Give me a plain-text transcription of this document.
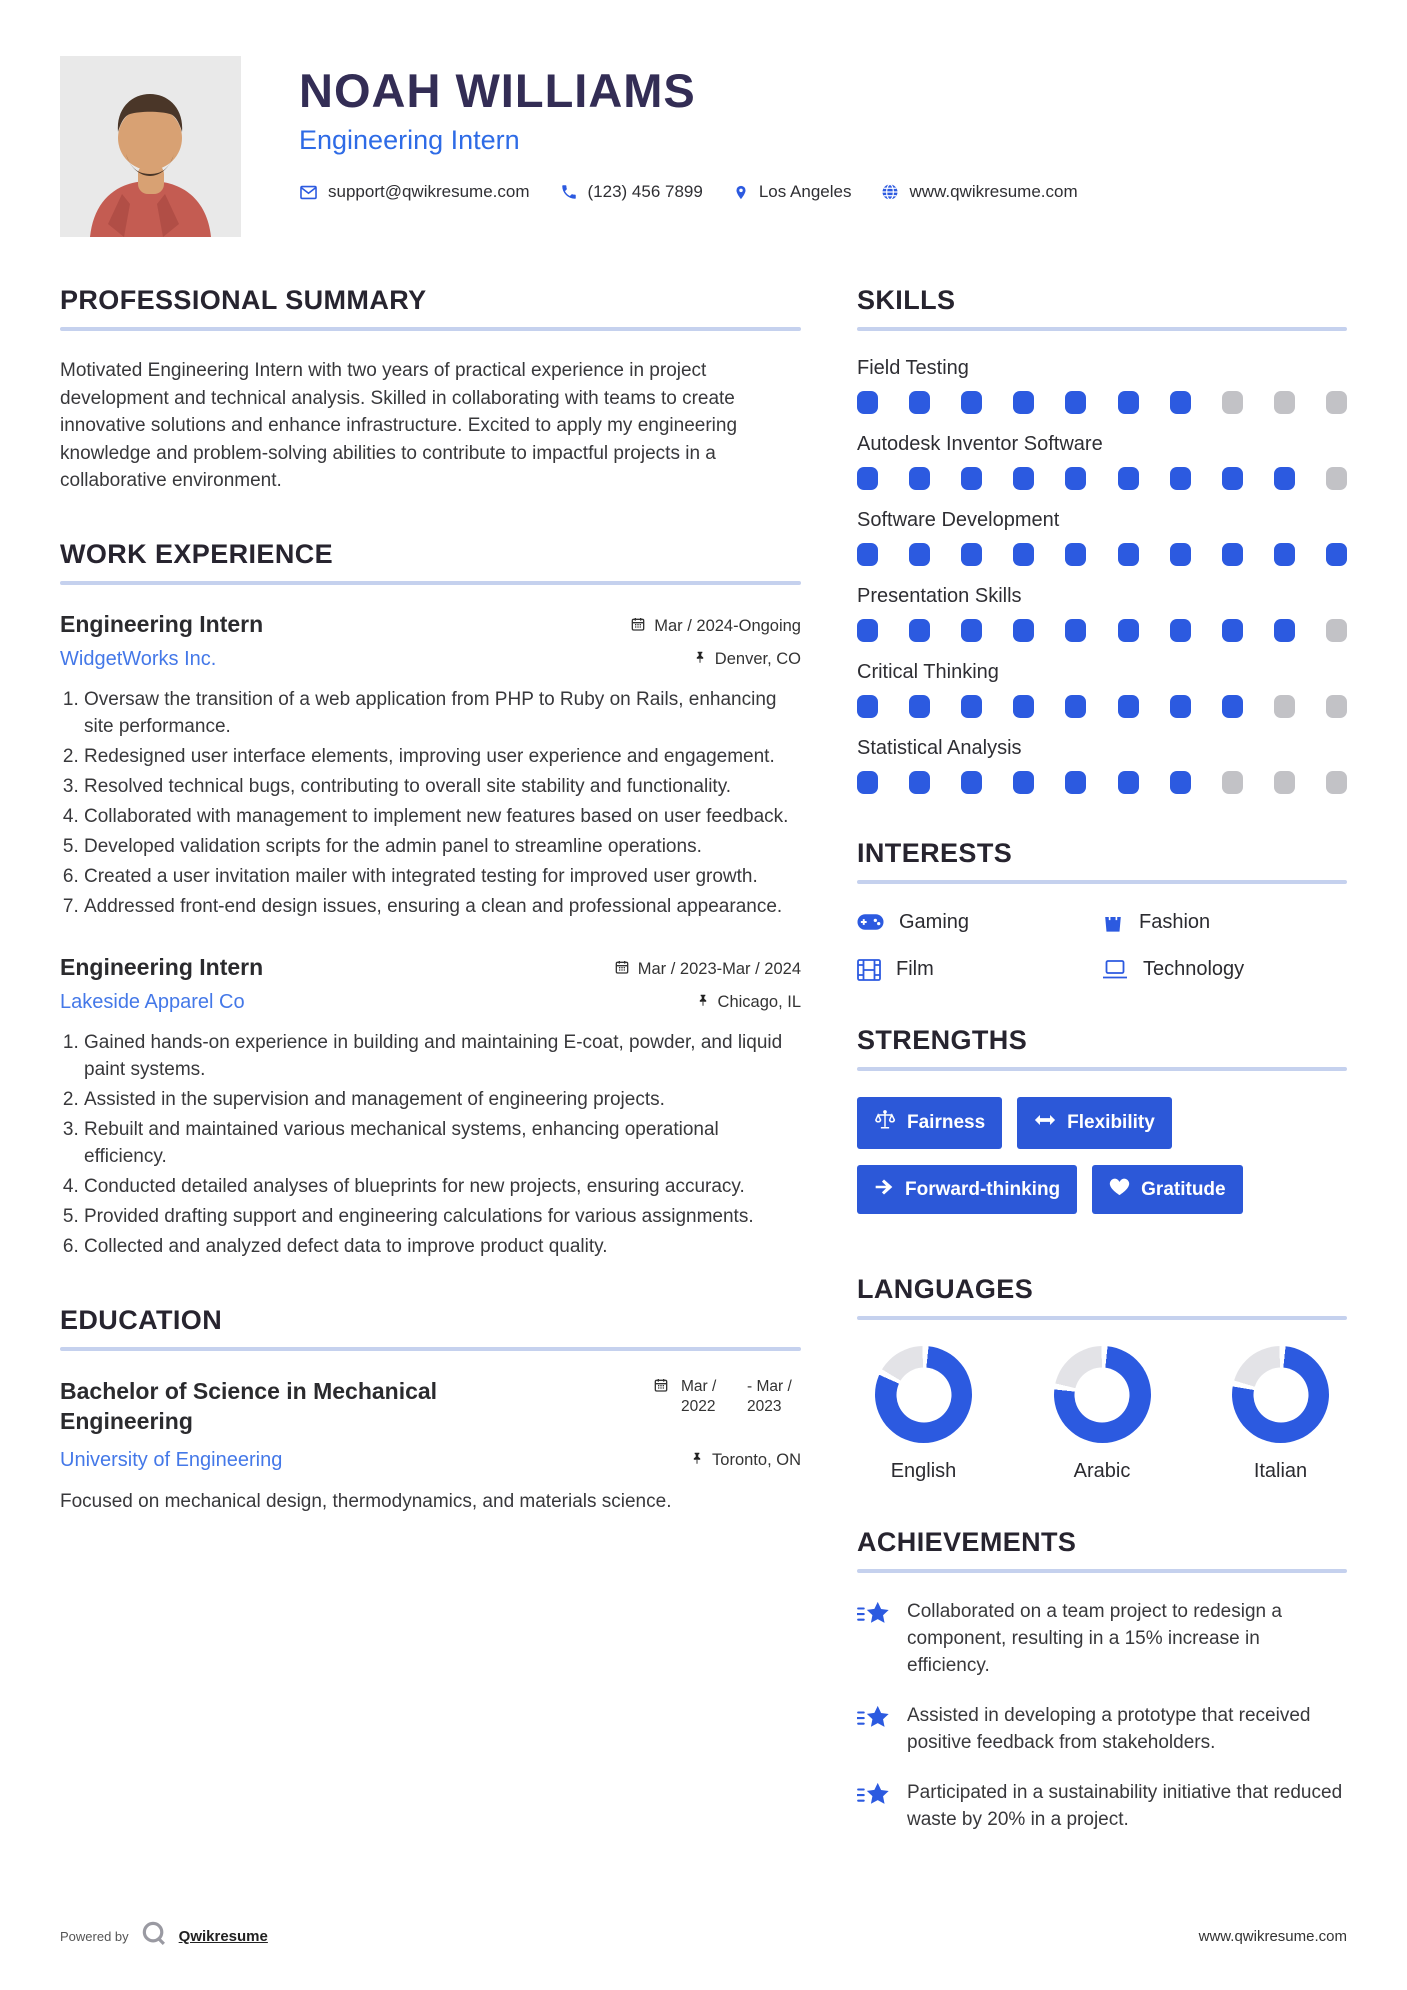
NOAH WILLIAMS
Engineering Intern
support@qwikresume.com	(123) 456 7899	Los Angeles	www.qwikresume.com
PROFESSIONAL SUMMARY
Motivated Engineering Intern with two years of practical experience in project development and technical analysis. Skilled in collaborating with teams to create innovative solutions and enhance infrastructure. Excited to apply my engineering knowledge and problem-solving abilities to contribute to impactful projects in a collaborative environment.
WORK EXPERIENCE
Engineering Intern	Mar / 2024-Ongoing
WidgetWorks Inc.	Denver, CO
1. Oversaw the transition of a web application from PHP to Ruby on Rails, enhancing site performance.
2. Redesigned user interface elements, improving user experience and engagement.
3. Resolved technical bugs, contributing to overall site stability and functionality.
4. Collaborated with management to implement new features based on user feedback.
5. Developed validation scripts for the admin panel to streamline operations.
6. Created a user invitation mailer with integrated testing for improved user growth.
7. Addressed front-end design issues, ensuring a clean and professional appearance.
Engineering Intern	Mar / 2023-Mar / 2024
Lakeside Apparel Co	Chicago, IL
1. Gained hands-on experience in building and maintaining E-coat, powder, and liquid paint systems.
2. Assisted in the supervision and management of engineering projects.
3. Rebuilt and maintained various mechanical systems, enhancing operational efficiency.
4. Conducted detailed analyses of blueprints for new projects, ensuring accuracy.
5. Provided drafting support and engineering calculations for various assignments.
6. Collected and analyzed defect data to improve product quality.
EDUCATION
Bachelor of Science in Mechanical Engineering
Mar / 2022
- Mar / 2023
University of Engineering	Toronto, ON
Focused on mechanical design, thermodynamics, and materials science.
SKILLS
Field Testing
Autodesk Inventor Software
Software Development
Presentation Skills
Critical Thinking
Statistical Analysis
INTERESTS
Gaming	Fashion
Film	Technology
STRENGTHS
Fairness	Flexibility
Forward-thinking	Gratitude
LANGUAGES
English	Arabic	Italian
ACHIEVEMENTS
Collaborated on a team project to redesign a component, resulting in a 15% increase in efficiency.
Assisted in developing a prototype that received positive feedback from stakeholders.
Participated in a sustainability initiative that reduced waste by 20% in a project.
Powered by	Qwikresume	www.qwikresume.com
